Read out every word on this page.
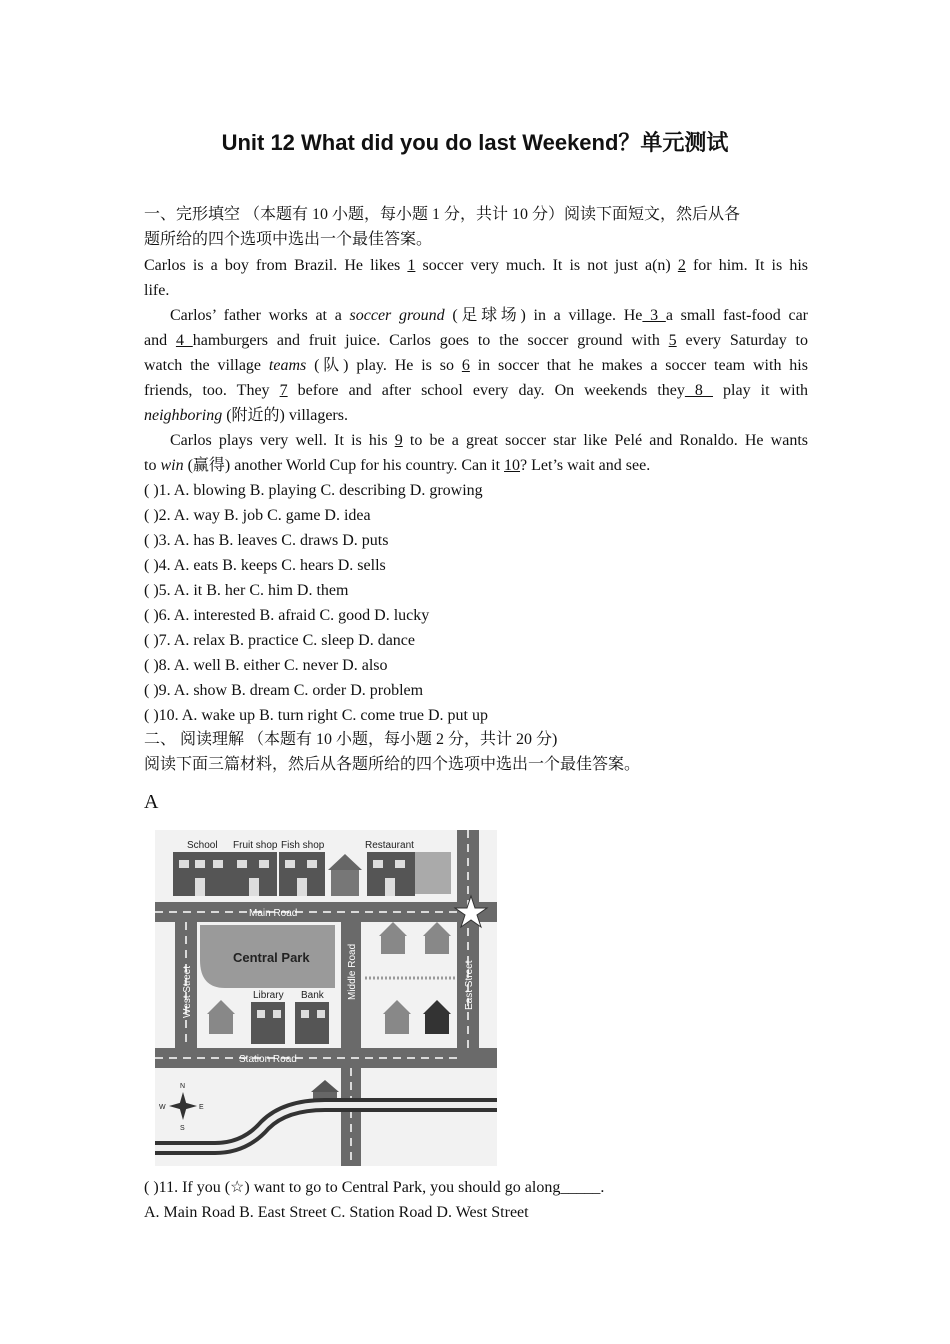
Unit 12 What did you do last Weekend？单元测试
一、完形填空 （本题有 10 小题，每小题 1 分，共计 10 分）阅读下面短文，然后从各
题所给的四个选项中选出一个最佳答案。
Carlos is a boy from Brazil. He likes 1 soccer very much. It is not just a(n) 2 for him. It is his
life.
Carlos’ father works at a soccer ground (足球场) in a village. He 3 a small fast-food car
and 4 hamburgers and fruit juice. Carlos goes to the soccer ground with 5 every Saturday to
watch the village teams (队) play. He is so 6 in soccer that he makes a soccer team with his
friends, too. They 7 before and after school every day. On weekends they 8  play it with
neighboring (附近的) villagers.
Carlos plays very well. It is his 9 to be a great soccer star like Pelé and Ronaldo. He wants
to win (赢得) another World Cup for his country. Can it 10? Let’s wait and see.
( )1. A. blowing B. playing C. describing D. growing
( )2. A. way B. job C. game D. idea
( )3. A. has B. leaves C. draws D. puts
( )4. A. eats B. keeps C. hears D. sells
( )5. A. it B. her C. him D. them
( )6. A. interested B. afraid C. good D. lucky
( )7. A. relax B. practice C. sleep D. dance
( )8. A. well B. either C. never D. also
( )9. A. show B. dream C. order D. problem
( )10. A. wake up B. turn right C. come true D. put up
二、 阅读理解 （本题有 10 小题，每小题 2 分，共计 20 分)
阅读下面三篇材料，然后从各题所给的四个选项中选出一个最佳答案。
A
Central Park
School Fruit shop Fish shop	Restaurant
Library Bank
Main Road
Station Road
West Street	Middle Road	East Street
Station
N
S
E
W
( )11. If you (☆) want to go to Central Park, you should go along_____.
A. Main Road B. East Street C. Station Road D. West Street
